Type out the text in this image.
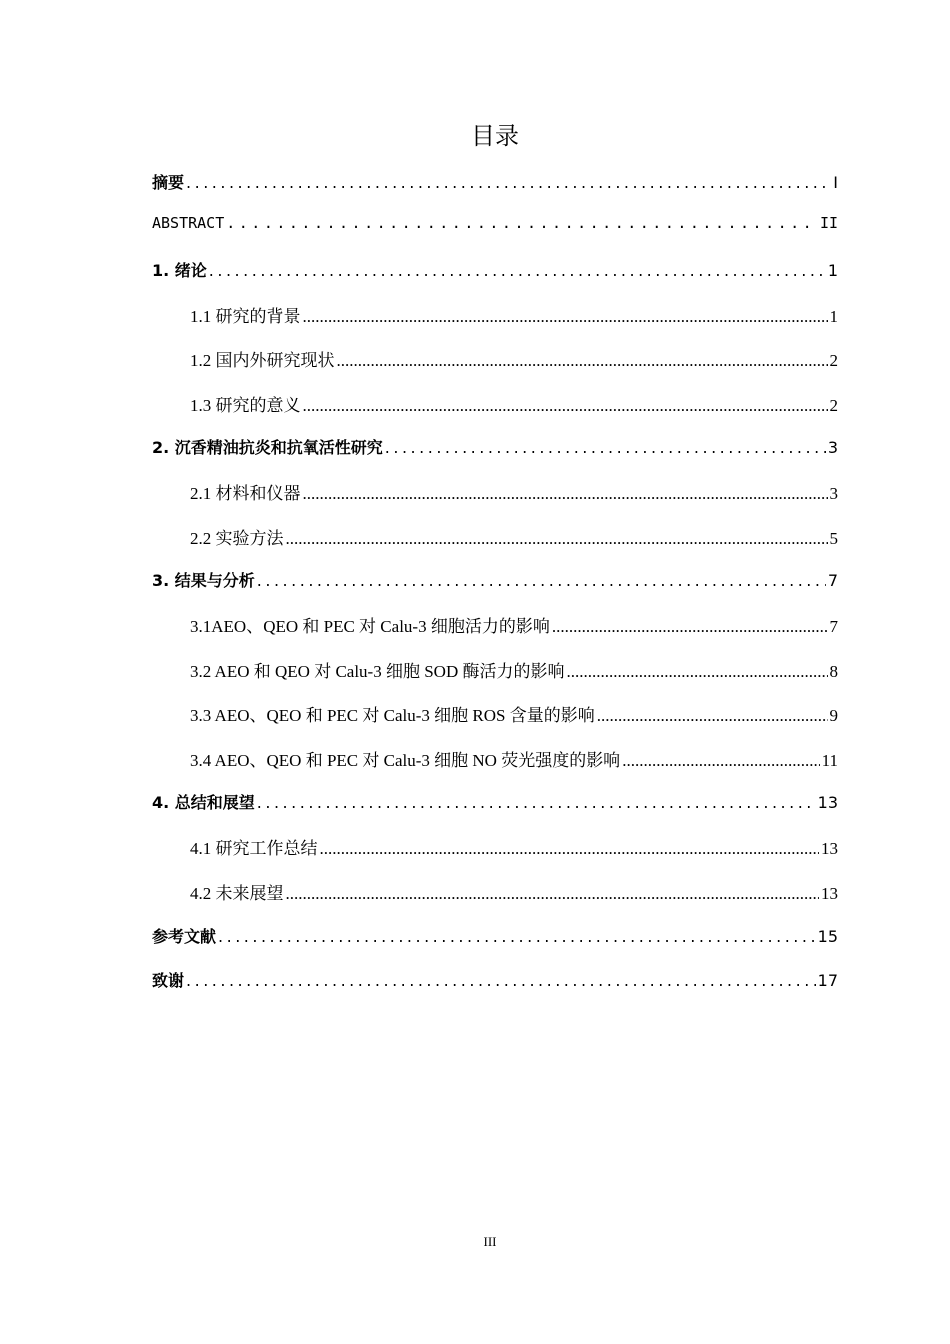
目录
摘要 .....	I
ABSTRACT .....	II
1. 绪论 .....	1
1.1 研究的背景 .....	1
1.2 国内外研究现状 .....	2
1.3 研究的意义 .....	2
2. 沉香精油抗炎和抗氧活性研究 .....	3
2.1 材料和仪器 .....	3
2.2 实验方法 .....	5
3. 结果与分析 .....	7
3.1AEO、QEO 和 PEC 对 Calu-3 细胞活力的影响 .....	7
3.2 AEO 和 QEO 对 Calu-3 细胞 SOD 酶活力的影响 .....	8
3.3 AEO、QEO 和 PEC 对 Calu-3 细胞 ROS 含量的影响 .....	9
3.4 AEO、QEO 和 PEC 对 Calu-3 细胞 NO 荧光强度的影响 .....	11
4. 总结和展望 .....	13
4.1 研究工作总结 .....	13
4.2 未来展望 .....	13
参考文献 .....	15
致谢 .....	17
III
